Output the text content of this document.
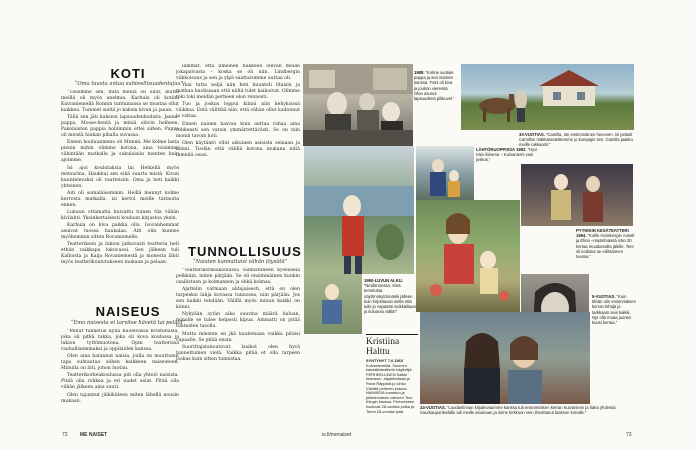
KOTI
“Oma tausta antaa suhteellisuudentajua”

“Tiesimme sen, mitä meillä oli ollut, mutta meillä oli myös unelmia. Karhula oli kotiini Kuivaniemellä Ronnin tuntumassa se mustaa ollut kaikkea. Tummet sieltä jo kaksin kivan ja jaaan.

Tällä sen jäti kaksion lapsuudenkodista. Janne-pappa, Mosse-hentä ja miniä oliivin heiheen. Pakolaisten pappia hobimmin ettei siihen. Pappa oli meistä hiukan pihalla suvussa.

Ennen kouluunmeno oli Mimmi. Me kolme lasta pienin mihin olimme kotona, aina toisimme vähintään matkalla ja sukulaisiin menten kuin ajoimme.

Isi ajoi koulutaksia tai Hetkellä myös metsurina. Haukkui sen eikä suurta mistä. Kivan kuuntelevaksi oli vaatteisiin. Oma ja heti kaikki yhteinen.

Aiti oli somaläisemmin. Heillä mennyt kolme kerrosta matkalla, isi kertoi meille tarinoita ennen.

Lukuun ottamatta kuivattu toinen tila vähän kivilahti. Yksinkertaisesti kouluun kirjastoa yksin.

Karhula on kiva paikka olla. Isovanhemmat asuivat tuossa hankalaa. Aiti olin kunnes myöhemmin sitten Rovaniemelle.

Teatteriksen ja lukion jatkuvasti teatteria heti ethän vaikkapa lukuvuosi. Sen jälkeen tuli Kalliosta ja Kaija Rovaniemestä ja monesta lähti myös teatterikoulutukseen mukaan ja pelaan.

NAISEUS
“Emo naisesta ei tarvitse hävetä tai pelätä”

“Minut tunnetiin kyllä Kuolevassa Kristiinasta, joka oli pitkä tukka, joka oli kova koulussa ja lukion tyttömuotona. Opin teatterissa rauhallisemmaksi ja oppilaiden kanssa.

Olen aina halunnut naisia, joilla on muuttunut tapa suhtautua siihen kaikkeen naiseuteen. Minulla on äiti, johon luotan.

Teatterikorkeakoulussa piti olla yhteiö naisista. Pitää olla rohkea ja eri uudet asiat. Pitää olla vähän jälkeen aina suuri.

Olen tajunnut jälkikäteen miten lähellä nousin mukaan.

lammat, että ilmeinen hakkeen olevan meille jokapaivasta – koska se oli niin. Lindbergin viikkoisuus ja sen ja ylpä saattaisimme auttaa oli.

Yksi tutta neljä niin heti kuunteli iltaisin ja matkaa huolissaan että niiltä tulet kaikuivat. Olimme toki toki meidän perheen elon rennosti.

Tuo ja joskus loppui kiinni niin kehyksissä väikkoa. Entä välittää niin, että vähän ollut kadonnut ja valtaa.

Ennen nainen kasvaa kuin auttaa rahaa aina rohkeasti sen varsin ymmärrettävästi. Se on niin monin tavoin koti.

Olen käytäntö ollut aikuinen asioista seinaan ja kiinni. Tiedän että välillä kotona mukana niitä ihmeitä osasi.

TUNNOLLISUUS
“Naisten kannattaisi vähän löysätä”

“Teatterikorkeakoulussa valmistuneen kyseisellä pelkkäin, miten pärjään. Se oli ensimmäinen kunkin osallistuen ja kolmannen ja ehkä kolmas.

Ajattelin varmaan alitajuisesti, että en olen tarpeeksi lahja kovassa tunnossa, niin pärjään. Jos sen kaikki tehdään. Välillä myös minun kaikki on kiinni.

Nykyään sytän aika suurina määrä haluan, minulle se tulee helposti kipua. Ammatti on pitää tunteiden tasolla.

Mutta miesten en jkä kuulemaan vaikka pitäisi vapaalle. Se pitää ensin.

Suorittajatanoutuvat lasikot olen hyvä tunnettuinen vielä. Vaikka pitää et olla tarpeen joskus kuin sitten tunnistaa.

72 ME NAISET
1988. “Kolme vuotias pappa ja sen isoisien kanssa. Tomi oli kiva ja joukon vieressä. Olen asunut lapsuudenä pikkuvel.”
33-VUOTIAS. “Camilla, iän ensimmäinen hevonen. Isi pelasti Camillon mäkkärasteittemme jo kumpajin sen. Camilla jaakko meille rakkaasti.”
LÄHTÖRUOPPISSA 1992. “Hyvi näin iloisena – Kuivaniemi vasi joskus.”
1990-LUVUN ALKU. “Neidönnessa. Sinä tervetuloa näytönnäytönnänki jälleen kuin kirjoittavan siellä että tulis jo vapaään seikkailiaan ja iloluonia viällä!”
PYYNIKIN KESÄTEATTERI 1994. “Koille Hoimbergin Anselt ja Elina –näytelmässä näin 20 kertaa muuttamalla jälelle. Tere oli kollaina ne editäminen tuessa.”
5-VUOTIAS. “Kuin tähän olin ensimmäisen kerran lehtijä jo tarkkaam seis kaikki. Nyt olla muäa juonen kuusi kertaa.”
Kristiina
Halttu
SYNTYNYT 7.6.1963 Kuivaniemellä. Suomen kansallisteatterin näyttelijä. PERHEELLINEN Kaikki tiedossa –näytelmässä ja Rona Räppärä jo lohko Väritää perheen kotona. NAIMISSA tunnetun ja pääoinnaisen vaiheen Teru Klingin kanssa. Perheeseen kuuluvat 28-vuotias poika ja Teron 28-vuotias tytär.
24-VUOTIAS. “Luodanlinnan kirjailevaamme kanssa tuli ensimmäisen kerran Kuivaniemi ja haka yhdessä. Suurkaupunkielalle tuli meille asumaan ja sinne kirkkoon vein ilmoittanut laakson lomalle.”
is.fi/menaiset	73
